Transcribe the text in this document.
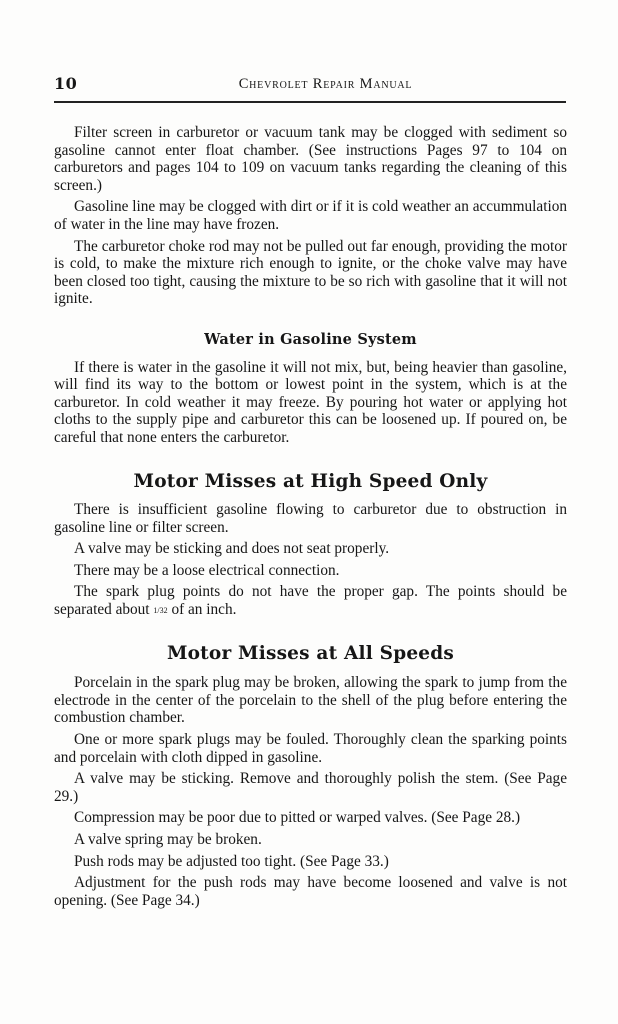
10	Chevrolet Repair Manual

Filter screen in carburetor or vacuum tank may be clogged with sediment so gasoline cannot enter float chamber. (See instructions Pages 97 to 104 on carburetors and pages 104 to 109 on vacuum tanks regarding the cleaning of this screen.)

Gasoline line may be clogged with dirt or if it is cold weather an accummulation of water in the line may have frozen.

The carburetor choke rod may not be pulled out far enough, providing the motor is cold, to make the mixture rich enough to ignite, or the choke valve may have been closed too tight, causing the mixture to be so rich with gasoline that it will not ignite.

Water in Gasoline System

If there is water in the gasoline it will not mix, but, being heavier than gasoline, will find its way to the bottom or lowest point in the system, which is at the carburetor. In cold weather it may freeze. By pouring hot water or applying hot cloths to the supply pipe and carburetor this can be loosened up. If poured on, be careful that none enters the carburetor.

Motor Misses at High Speed Only

There is insufficient gasoline flowing to carburetor due to obstruction in gasoline line or filter screen.

A valve may be sticking and does not seat properly.

There may be a loose electrical connection.

The spark plug points do not have the proper gap. The points should be separated about 1/32 of an inch.

Motor Misses at All Speeds

Porcelain in the spark plug may be broken, allowing the spark to jump from the electrode in the center of the porcelain to the shell of the plug before entering the combustion chamber.

One or more spark plugs may be fouled. Thoroughly clean the sparking points and porcelain with cloth dipped in gasoline.

A valve may be sticking. Remove and thoroughly polish the stem. (See Page 29.)

Compression may be poor due to pitted or warped valves. (See Page 28.)

A valve spring may be broken.

Push rods may be adjusted too tight. (See Page 33.)

Adjustment for the push rods may have become loosened and valve is not opening. (See Page 34.)
